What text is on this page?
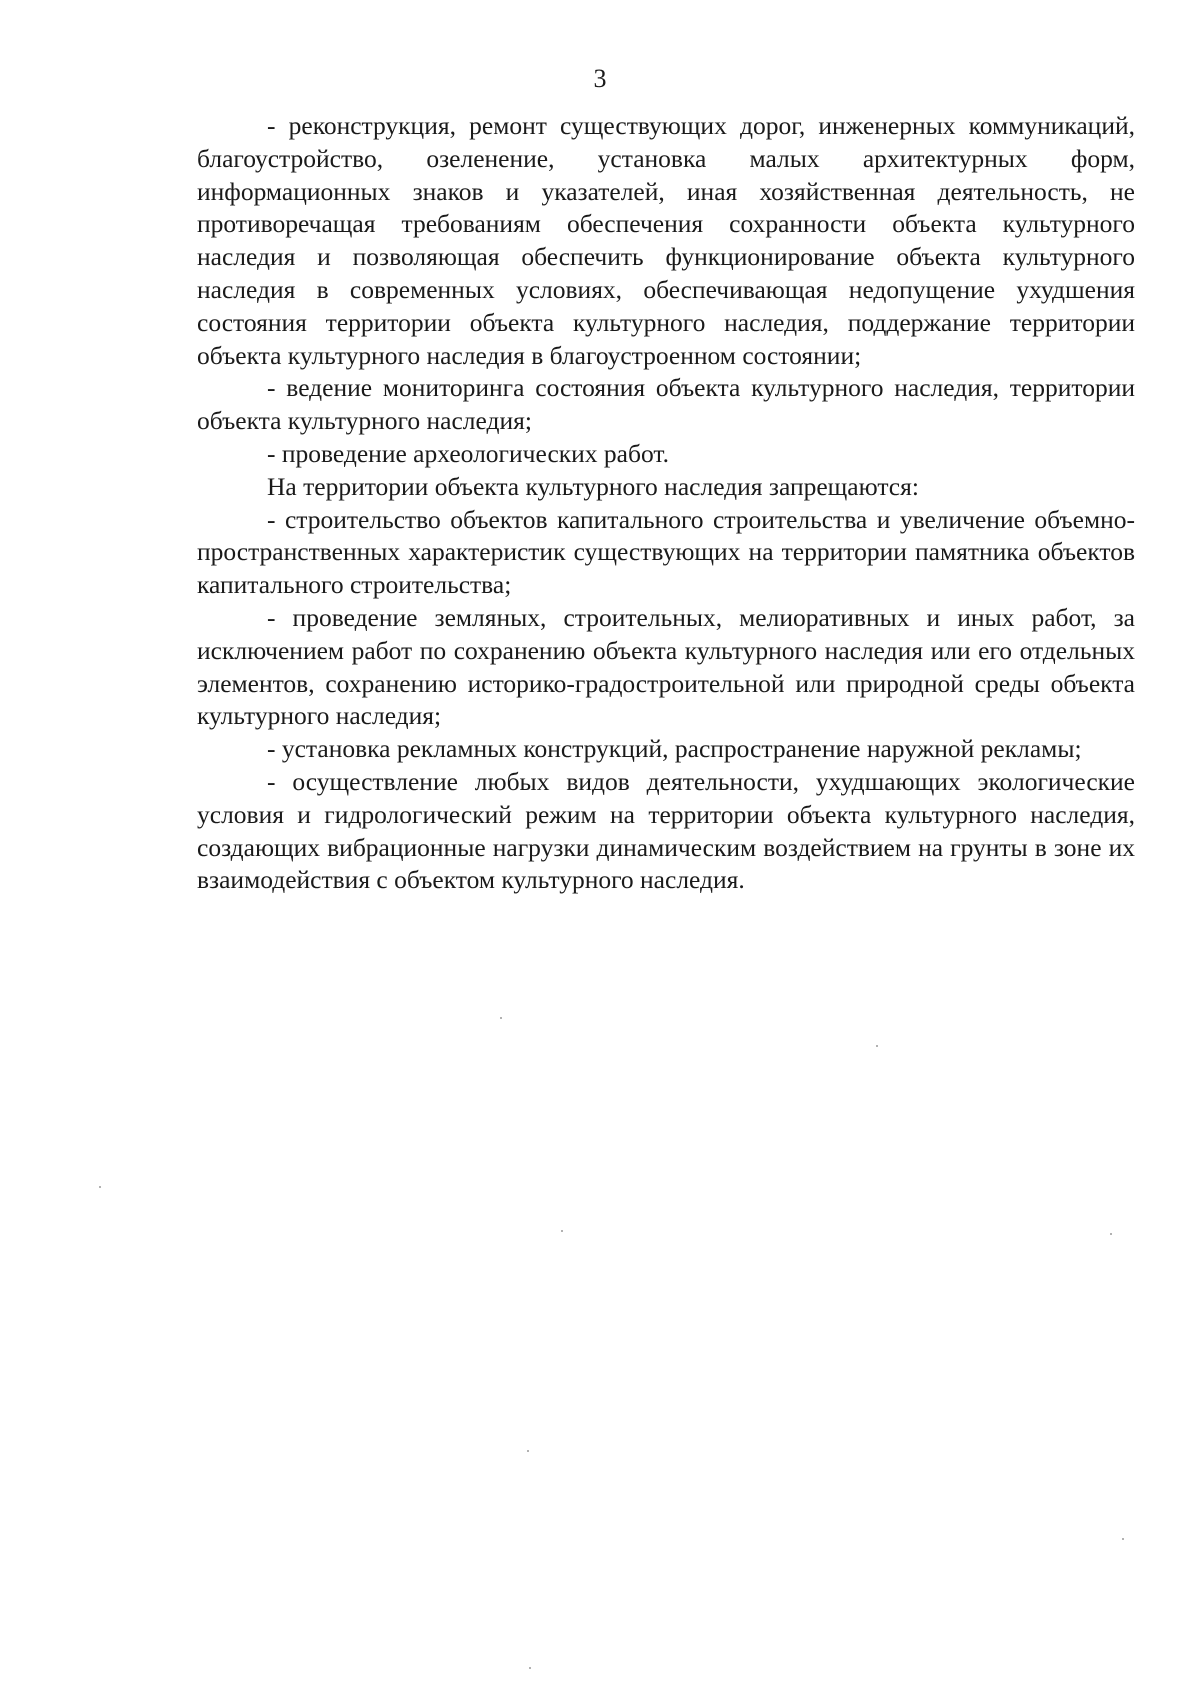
3

- реконструкция, ремонт существующих дорог, инженерных коммуникаций, благоустройство, озеленение, установка малых архитектурных форм, информационных знаков и указателей, иная хозяйственная деятельность, не противоречащая требованиям обеспечения сохранности объекта культурного наследия и позволяющая обеспечить функционирование объекта культурного наследия в современных условиях, обеспечивающая недопущение ухудшения состояния территории объекта культурного наследия, поддержание территории объекта культурного наследия в благоустроенном состоянии;

- ведение мониторинга состояния объекта культурного наследия, территории объекта культурного наследия;

- проведение археологических работ.

На территории объекта культурного наследия запрещаются:

- строительство объектов капитального строительства и увеличение объемно-пространственных характеристик существующих на территории памятника объектов капитального строительства;

- проведение земляных, строительных, мелиоративных и иных работ, за исключением работ по сохранению объекта культурного наследия или его отдельных элементов, сохранению историко-градостроительной или природной среды объекта культурного наследия;

- установка рекламных конструкций, распространение наружной рекламы;

- осуществление любых видов деятельности, ухудшающих экологические условия и гидрологический режим на территории объекта культурного наследия, создающих вибрационные нагрузки динамическим воздействием на грунты в зоне их взаимодействия с объектом культурного наследия.
